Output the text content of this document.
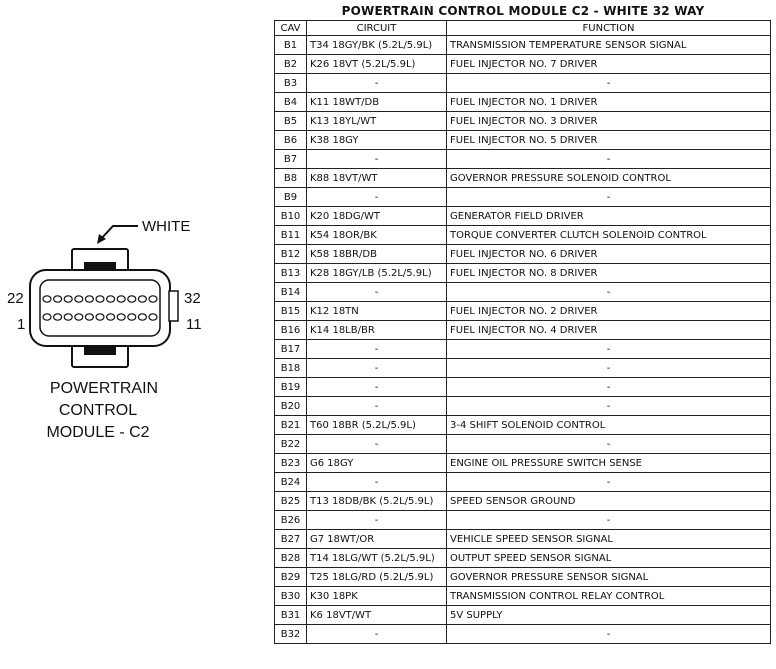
WHITE
22
1
32
11
POWERTRAIN
CONTROL
MODULE - C2
POWERTRAIN CONTROL MODULE C2 - WHITE 32 WAY
CAV	CIRCUIT	FUNCTION
B1	T34 18GY/BK (5.2L/5.9L)	TRANSMISSION TEMPERATURE SENSOR SIGNAL
B2	K26 18VT (5.2L/5.9L)	FUEL INJECTOR NO. 7 DRIVER
B3	-	-
B4	K11 18WT/DB	FUEL INJECTOR NO. 1 DRIVER
B5	K13 18YL/WT	FUEL INJECTOR NO. 3 DRIVER
B6	K38 18GY	FUEL INJECTOR NO. 5 DRIVER
B7	-	-
B8	K88 18VT/WT	GOVERNOR PRESSURE SOLENOID CONTROL
B9	-	-
B10	K20 18DG/WT	GENERATOR FIELD DRIVER
B11	K54 18OR/BK	TORQUE CONVERTER CLUTCH SOLENOID CONTROL
B12	K58 18BR/DB	FUEL INJECTOR NO. 6 DRIVER
B13	K28 18GY/LB (5.2L/5.9L)	FUEL INJECTOR NO. 8 DRIVER
B14	-	-
B15	K12 18TN	FUEL INJECTOR NO. 2 DRIVER
B16	K14 18LB/BR	FUEL INJECTOR NO. 4 DRIVER
B17	-	-
B18	-	-
B19	-	-
B20	-	-
B21	T60 18BR (5.2L/5.9L)	3-4 SHIFT SOLENOID CONTROL
B22	-	-
B23	G6 18GY	ENGINE OIL PRESSURE SWITCH SENSE
B24	-	-
B25	T13 18DB/BK (5.2L/5.9L)	SPEED SENSOR GROUND
B26	-	-
B27	G7 18WT/OR	VEHICLE SPEED SENSOR SIGNAL
B28	T14 18LG/WT (5.2L/5.9L)	OUTPUT SPEED SENSOR SIGNAL
B29	T25 18LG/RD (5.2L/5.9L)	GOVERNOR PRESSURE SENSOR SIGNAL
B30	K30 18PK	TRANSMISSION CONTROL RELAY CONTROL
B31	K6 18VT/WT	5V SUPPLY
B32	-	-
